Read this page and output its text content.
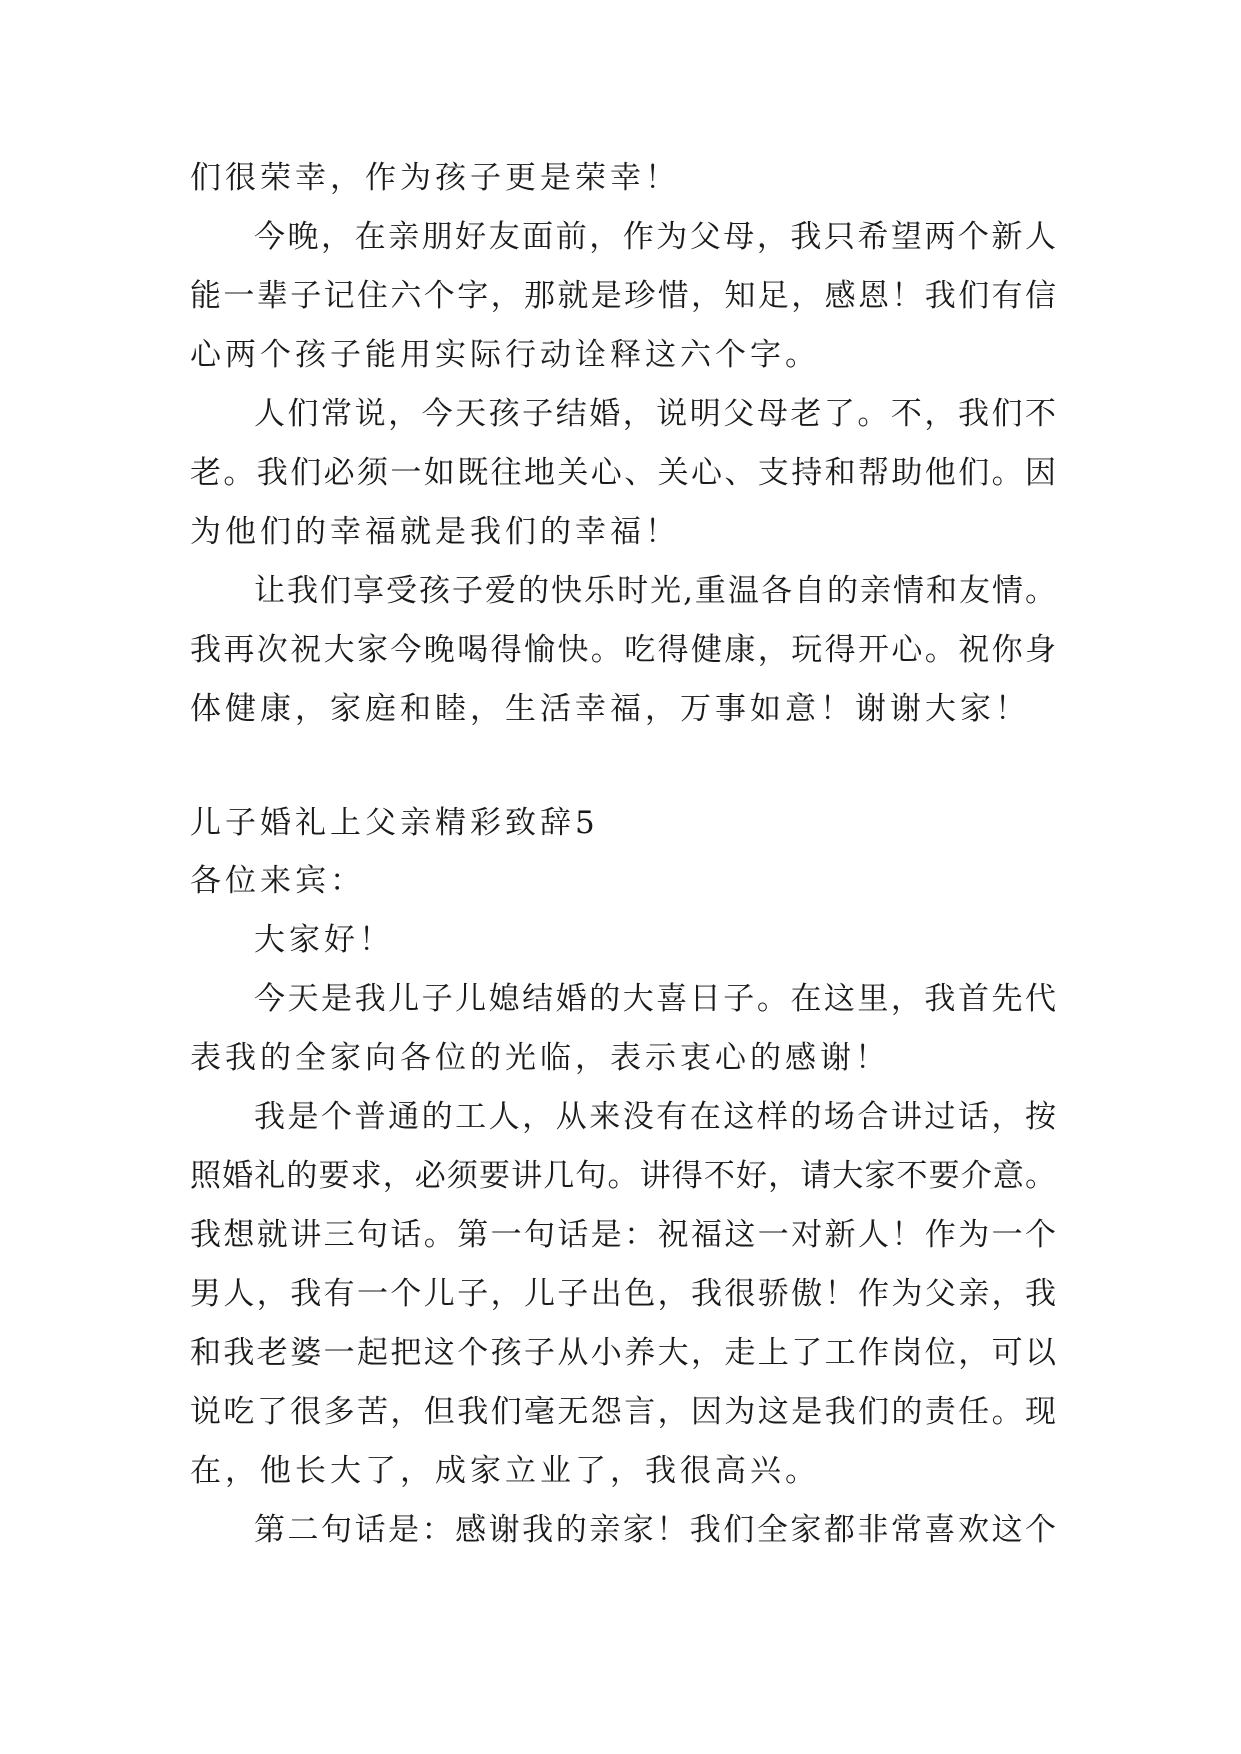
们很荣幸，作为孩子更是荣幸！
今晚，在亲朋好友面前，作为父母，我只希望两个新人
能一辈子记住六个字，那就是珍惜，知足，感恩！我们有信
心两个孩子能用实际行动诠释这六个字。
人们常说，今天孩子结婚，说明父母老了。不，我们不
老。我们必须一如既往地关心、关心、支持和帮助他们。因
为他们的幸福就是我们的幸福！
让我们享受孩子爱的快乐时光,重温各自的亲情和友情。
我再次祝大家今晚喝得愉快。吃得健康，玩得开心。祝你身
体健康，家庭和睦，生活幸福，万事如意！谢谢大家！
儿子婚礼上父亲精彩致辞5
各位来宾：
大家好！
今天是我儿子儿媳结婚的大喜日子。在这里，我首先代
表我的全家向各位的光临，表示衷心的感谢！
我是个普通的工人，从来没有在这样的场合讲过话，按
照婚礼的要求，必须要讲几句。讲得不好，请大家不要介意。
我想就讲三句话。第一句话是：祝福这一对新人！作为一个
男人，我有一个儿子，儿子出色，我很骄傲！作为父亲，我
和我老婆一起把这个孩子从小养大，走上了工作岗位，可以
说吃了很多苦，但我们毫无怨言，因为这是我们的责任。现
在，他长大了，成家立业了，我很高兴。
第二句话是：感谢我的亲家！我们全家都非常喜欢这个
